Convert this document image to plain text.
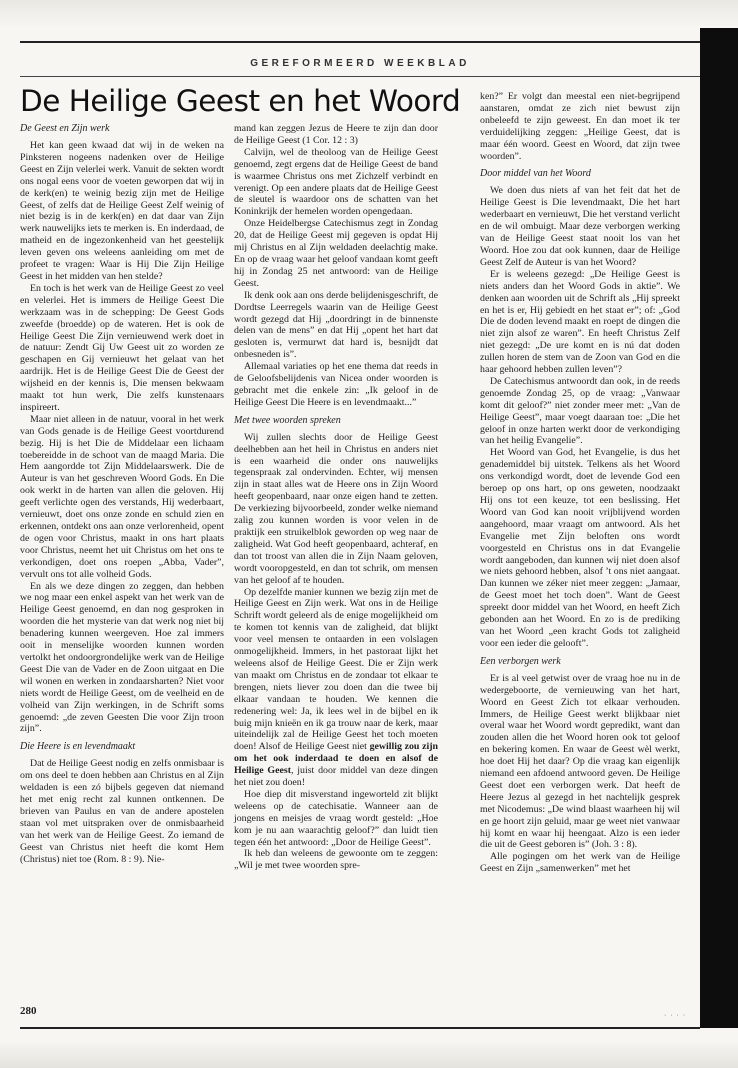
GEREFORMEERD WEEKBLAD
De Heilige Geest en het Woord
De Geest en Zijn werk

Het kan geen kwaad dat wij in de weken na Pinksteren nogeens nadenken over de Heilige Geest en Zijn velerlei werk. Vanuit de sekten wordt ons nogal eens voor de voeten geworpen dat wij in de kerk(en) te weinig bezig zijn met de Heilige Geest, of zelfs dat de Heilige Geest Zelf weinig of niet bezig is in de kerk(en) en dat daar van Zijn werk nauwelijks iets te merken is. En inderdaad, de matheid en de ingezonkenheid van het geestelijk leven geven ons weleens aanleiding om met de profeet te vragen: Waar is Hij Die Zijn Heilige Geest in het midden van hen stelde?

En toch is het werk van de Heilige Geest zo veel en velerlei. Het is immers de Heilige Geest Die werkzaam was in de schepping: De Geest Gods zweefde (broedde) op de wateren. Het is ook de Heilige Geest Die Zijn vernieuwend werk doet in de natuur: Zendt Gij Uw Geest uit zo worden ze geschapen en Gij vernieuwt het gelaat van het aardrijk. Het is de Heilige Geest Die de Geest der wijsheid en der kennis is, Die mensen bekwaam maakt tot hun werk, Die zelfs kunstenaars inspireert.

Maar niet alleen in de natuur, vooral in het werk van Gods genade is de Heilige Geest voortdurend bezig. Hij is het Die de Middelaar een lichaam toebereidde in de schoot van de maagd Maria. Die Hem aangordde tot Zijn Middelaarswerk. Die de Auteur is van het geschreven Woord Gods. En Die ook werkt in de harten van allen die geloven. Hij geeft verlichte ogen des verstands, Hij wederbaart, vernieuwt, doet ons onze zonde en schuld zien en erkennen, ontdekt ons aan onze verlorenheid, opent de ogen voor Christus, maakt in ons hart plaats voor Christus, neemt het uit Christus om het ons te verkondigen, doet ons roepen „Abba, Vader”, vervult ons tot alle volheid Gods.

En als we deze dingen zo zeggen, dan hebben we nog maar een enkel aspekt van het werk van de Heilige Geest genoemd, en dan nog gesproken in woorden die het mysterie van dat werk nog niet bij benadering kunnen weergeven. Hoe zal immers ooit in menselijke woorden kunnen worden vertolkt het ondoorgrondelijke werk van de Heilige Geest Die van de Vader en de Zoon uitgaat en Die wil wonen en werken in zondaarsharten? Niet voor niets wordt de Heilige Geest, om de veelheid en de volheid van Zijn werkingen, in de Schrift soms genoemd: „de zeven Geesten Die voor Zijn troon zijn”.

Die Heere is en levendmaakt

Dat de Heilige Geest nodig en zelfs onmisbaar is om ons deel te doen hebben aan Christus en al Zijn weldaden is een zó bijbels gegeven dat niemand het met enig recht zal kunnen ontkennen. De brieven van Paulus en van de andere apostelen staan vol met uitspraken over de onmisbaarheid van het werk van de Heilige Geest. Zo iemand de Geest van Christus niet heeft die komt Hem (Christus) niet toe (Rom. 8 : 9). Nie-

mand kan zeggen Jezus de Heere te zijn dan door de Heilige Geest (1 Cor. 12 : 3)

Calvijn, wel de theoloog van de Heilige Geest genoemd, zegt ergens dat de Heilige Geest de band is waarmee Christus ons met Zichzelf verbindt en verenigt. Op een andere plaats dat de Heilige Geest de sleutel is waardoor ons de schatten van het Koninkrijk der hemelen worden opengedaan.

Onze Heidelbergse Catechismus zegt in Zondag 20, dat de Heilige Geest mij gegeven is opdat Hij mij Christus en al Zijn weldaden deelachtig make. En op de vraag waar het geloof vandaan komt geeft hij in Zondag 25 net antwoord: van de Heilige Geest.

Ik denk ook aan ons derde belijdenisgeschrift, de Dordtse Leerregels waarin van de Heilige Geest wordt gezegd dat Hij „doordringt in de binnenste delen van de mens” en dat Hij „opent het hart dat gesloten is, vermurwt dat hard is, besnijdt dat onbesneden is”.

Allemaal variaties op het ene thema dat reeds in de Geloofsbelijdenis van Nicea onder woorden is gebracht met die enkele zin: „Ik geloof in de Heilige Geest Die Heere is en levendmaakt...”

Met twee woorden spreken

Wij zullen slechts door de Heilige Geest deelhebben aan het heil in Christus en anders niet is een waarheid die onder ons nauwelijks tegenspraak zal ondervinden. Echter, wij mensen zijn in staat alles wat de Heere ons in Zijn Woord heeft geopenbaard, naar onze eigen hand te zetten. De verkiezing bijvoorbeeld, zonder welke niemand zalig zou kunnen worden is voor velen in de praktijk een struikelblok geworden op weg naar de zaligheid. Wat God heeft geopenbaard, achteraf, en dan tot troost van allen die in Zijn Naam geloven, wordt vooropgesteld, en dan tot schrik, om mensen van het geloof af te houden.

Op dezelfde manier kunnen we bezig zijn met de Heilige Geest en Zijn werk. Wat ons in de Heilige Schrift wordt geleerd als de enige mogelijkheid om te komen tot kennis van de zaligheid, dat blijkt voor veel mensen te ontaarden in een volslagen onmogelijkheid. Immers, in het pastoraat lijkt het weleens alsof de Heilige Geest. Die er Zijn werk van maakt om Christus en de zondaar tot elkaar te brengen, niets liever zou doen dan die twee bij elkaar vandaan te houden. We kennen die redenering wel: Ja, ik lees wel in de bijbel en ik buig mijn knieën en ik ga trouw naar de kerk, maar uiteindelijk zal de Heilige Geest het toch moeten doen! Alsof de Heilige Geest niet gewillig zou zijn om het ook inderdaad te doen en alsof de Heilige Geest, juist door middel van deze dingen het niet zou doen!

Hoe diep dit misverstand ingeworteld zit blijkt weleens op de catechisatie. Wanneer aan de jongens en meisjes de vraag wordt gesteld: „Hoe kom je nu aan waarachtig geloof?” dan luidt tien tegen één het antwoord: „Door de Heilige Geest”.

Ik heb dan weleens de gewoonte om te zeggen: „Wil je met twee woorden spre-

ken?” Er volgt dan meestal een niet-begrijpend aanstaren, omdat ze zich niet bewust zijn onbeleefd te zijn geweest. En dan moet ik ter verduidelijking zeggen: „Heilige Geest, dat is maar één woord. Geest en Woord, dat zijn twee woorden”.

Door middel van het Woord

We doen dus niets af van het feit dat het de Heilige Geest is Die levendmaakt, Die het hart wederbaart en vernieuwt, Die het verstand verlicht en de wil ombuigt. Maar deze verborgen werking van de Heilige Geest staat nooit los van het Woord. Hoe zou dat ook kunnen, daar de Heilige Geest Zelf de Auteur is van het Woord?

Er is weleens gezegd: „De Heilige Geest is niets anders dan het Woord Gods in aktie”. We denken aan woorden uit de Schrift als „Hij spreekt en het is er, Hij gebiedt en het staat er”; of: „God Die de doden levend maakt en roept de dingen die niet zijn alsof ze waren”. En heeft Christus Zelf niet gezegd: „De ure komt en is nú dat doden zullen horen de stem van de Zoon van God en die haar gehoord hebben zullen leven”?

De Catechismus antwoordt dan ook, in de reeds genoemde Zondag 25, op de vraag: „Vanwaar komt dit geloof?” niet zonder meer met: „Van de Heilige Geest”, maar voegt daaraan toe: „Die het geloof in onze harten werkt door de verkondiging van het heilig Evangelie”.

Het Woord van God, het Evangelie, is dus het genademiddel bij uitstek. Telkens als het Woord ons verkondigd wordt, doet de levende God een beroep op ons hart, op ons geweten, noodzaakt Hij ons tot een keuze, tot een beslissing. Het Woord van God kan nooit vrijblijvend worden aangehoord, maar vraagt om antwoord. Als het Evangelie met Zijn beloften ons wordt voorgesteld en Christus ons in dat Evangelie wordt aangeboden, dan kunnen wij niet doen alsof we niets gehoord hebben, alsof ’t ons niet aangaat. Dan kunnen we zéker niet meer zeggen: „Jamaar, de Geest moet het toch doen”. Want de Geest spreekt door middel van het Woord, en heeft Zich gebonden aan het Woord. En zo is de prediking van het Woord „een kracht Gods tot zaligheid voor een ieder die gelooft”.

Een verborgen werk

Er is al veel getwist over de vraag hoe nu in de wedergeboorte, de vernieuwing van het hart, Woord en Geest Zich tot elkaar verhouden. Immers, de Heilige Geest werkt blijkbaar niet overal waar het Woord wordt gepredikt, want dan zouden allen die het Woord horen ook tot geloof en bekering komen. En waar de Geest wèl werkt, hoe doet Hij het daar? Op die vraag kan eigenlijk niemand een afdoend antwoord geven. De Heilige Geest doet een verborgen werk. Dat heeft de Heere Jezus al gezegd in het nachtelijk gesprek met Nicodemus: „De wind blaast waarheen hij wil en ge hoort zijn geluid, maar ge weet niet vanwaar hij komt en waar hij heengaat. Alzo is een ieder die uit de Geest geboren is” (Joh. 3 : 8).

Alle pogingen om het werk van de Heilige Geest en Zijn „samenwerken” met het

280	· · · ·
